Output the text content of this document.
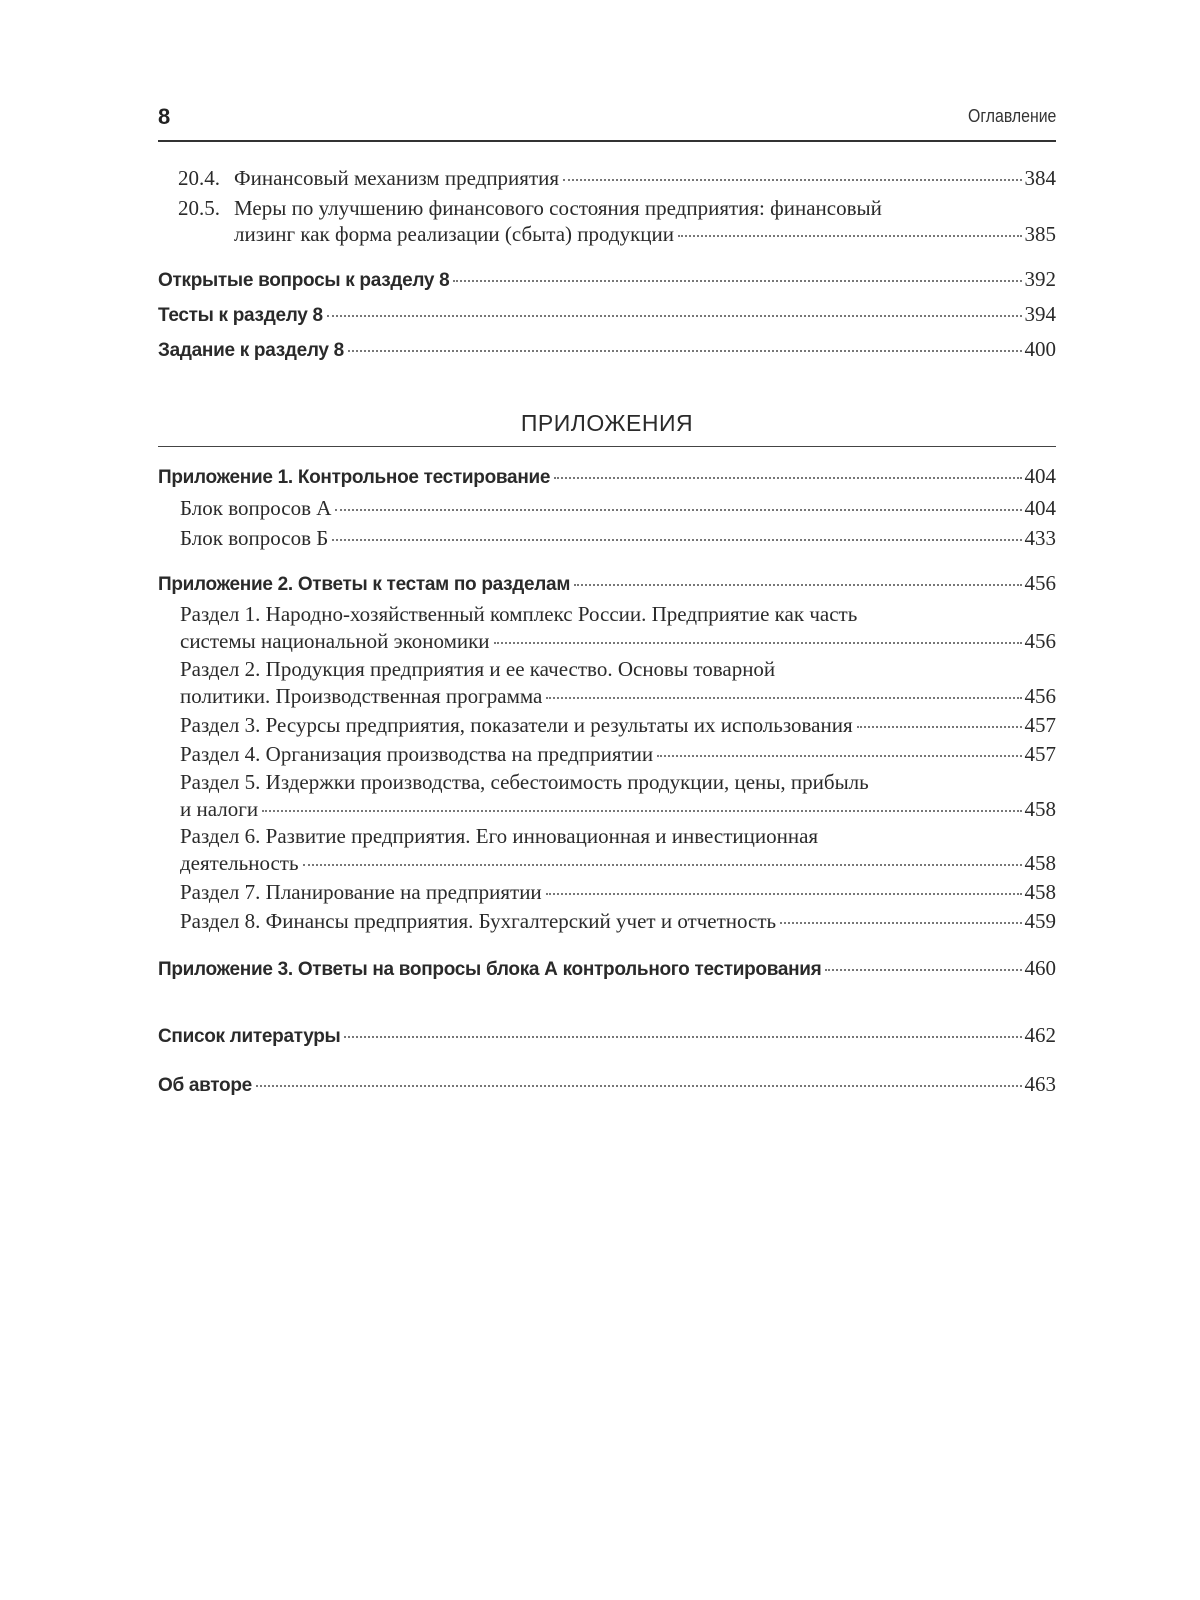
8	Оглавление
20.4. Финансовый механизм предприятия	384
20.5. Меры по улучшению финансового состояния предприятия: финансовый
лизинг как форма реализации (сбыта) продукции	385
Открытые вопросы к разделу 8	392
Тесты к разделу 8	394
Задание к разделу 8	400
ПРИЛОЖЕНИЯ
Приложение 1. Контрольное тестирование	404
Блок вопросов А	404
Блок вопросов Б	433
Приложение 2. Ответы к тестам по разделам	456
Раздел 1. Народно-хозяйственный комплекс России. Предприятие как часть
системы национальной экономики	456
Раздел 2. Продукция предприятия и ее качество. Основы товарной
политики. Производственная программа	456
Раздел 3. Ресурсы предприятия, показатели и результаты их использования	457
Раздел 4. Организация производства на предприятии	457
Раздел 5. Издержки производства, себестоимость продукции, цены, прибыль
и налоги	458
Раздел 6. Развитие предприятия. Его инновационная и инвестиционная
деятельность	458
Раздел 7. Планирование на предприятии	458
Раздел 8. Финансы предприятия. Бухгалтерский учет и отчетность	459
Приложение 3. Ответы на вопросы блока А контрольного тестирования	460
Список литературы	462
Об авторе	463
